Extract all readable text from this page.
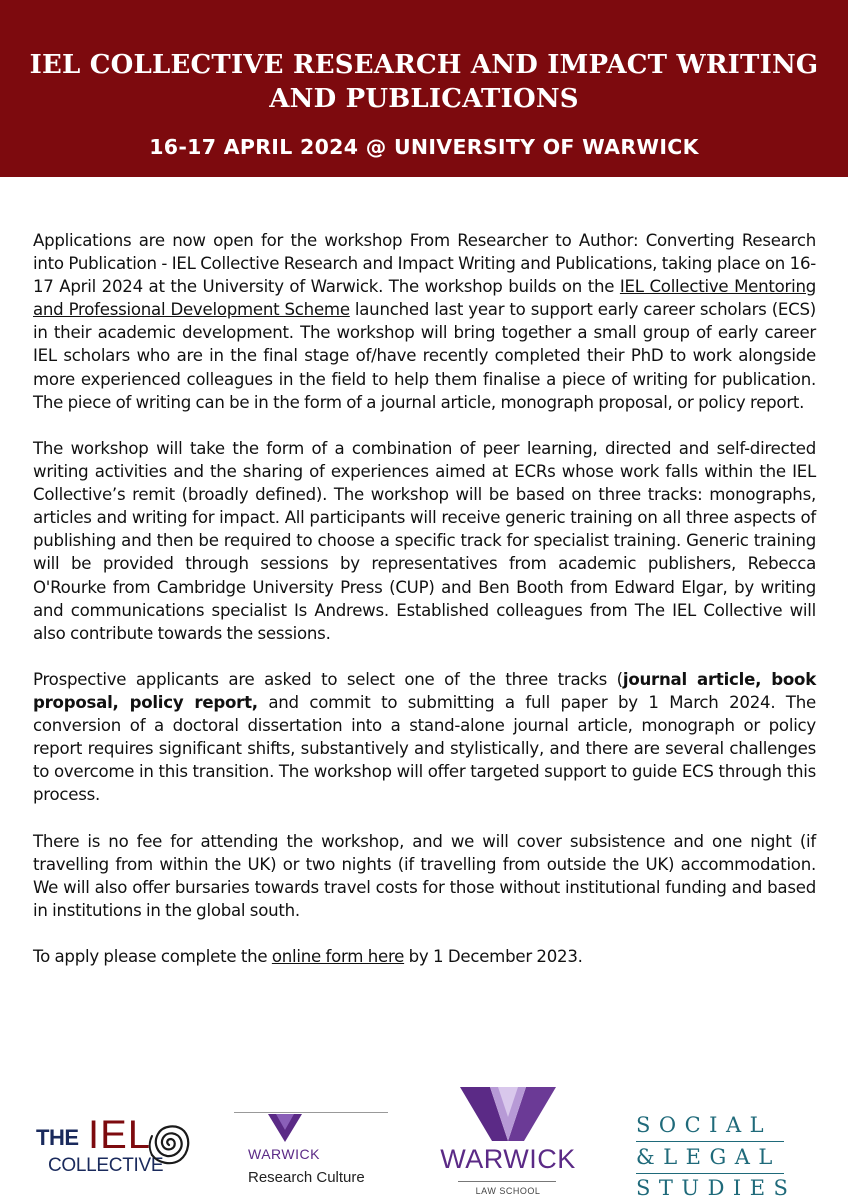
IEL COLLECTIVE RESEARCH AND IMPACT WRITING AND PUBLICATIONS
16-17 APRIL 2024 @ UNIVERSITY OF WARWICK

Applications are now open for the workshop From Researcher to Author: Converting Research into Publication - IEL Collective Research and Impact Writing and Publications, taking place on 16-17 April 2024 at the University of Warwick. The workshop builds on the IEL Collective Mentoring and Professional Development Scheme launched last year to support early career scholars (ECS) in their academic development. The workshop will bring together a small group of early career IEL scholars who are in the final stage of/have recently completed their PhD to work alongside more experienced colleagues in the field to help them finalise a piece of writing for publication. The piece of writing can be in the form of a journal article, monograph proposal, or policy report.

The workshop will take the form of a combination of peer learning, directed and self-directed writing activities and the sharing of experiences aimed at ECRs whose work falls within the IEL Collective’s remit (broadly defined). The workshop will be based on three tracks: monographs, articles and writing for impact. All participants will receive generic training on all three aspects of publishing and then be required to choose a specific track for specialist training. Generic training will be provided through sessions by representatives from academic publishers, Rebecca O'Rourke from Cambridge University Press (CUP) and Ben Booth from Edward Elgar, by writing and communications specialist Is Andrews. Established colleagues from The IEL Collective will also contribute towards the sessions.

Prospective applicants are asked to select one of the three tracks (journal article, book proposal, policy report, and commit to submitting a full paper by 1 March 2024. The conversion of a doctoral dissertation into a stand-alone journal article, monograph or policy report requires significant shifts, substantively and stylistically, and there are several challenges to overcome in this transition. The workshop will offer targeted support to guide ECS through this process.

There is no fee for attending the workshop, and we will cover subsistence and one night (if travelling from within the UK) or two nights (if travelling from outside the UK) accommodation. We will also offer bursaries towards travel costs for those without institutional funding and based in institutions in the global south.

To apply please complete the online form here by 1 December 2023.

THE IEL
COLLECTIVE
WARWICK
Research Culture
WARWICK
LAW SCHOOL
SOCIAL
&LEGAL
STUDIES
